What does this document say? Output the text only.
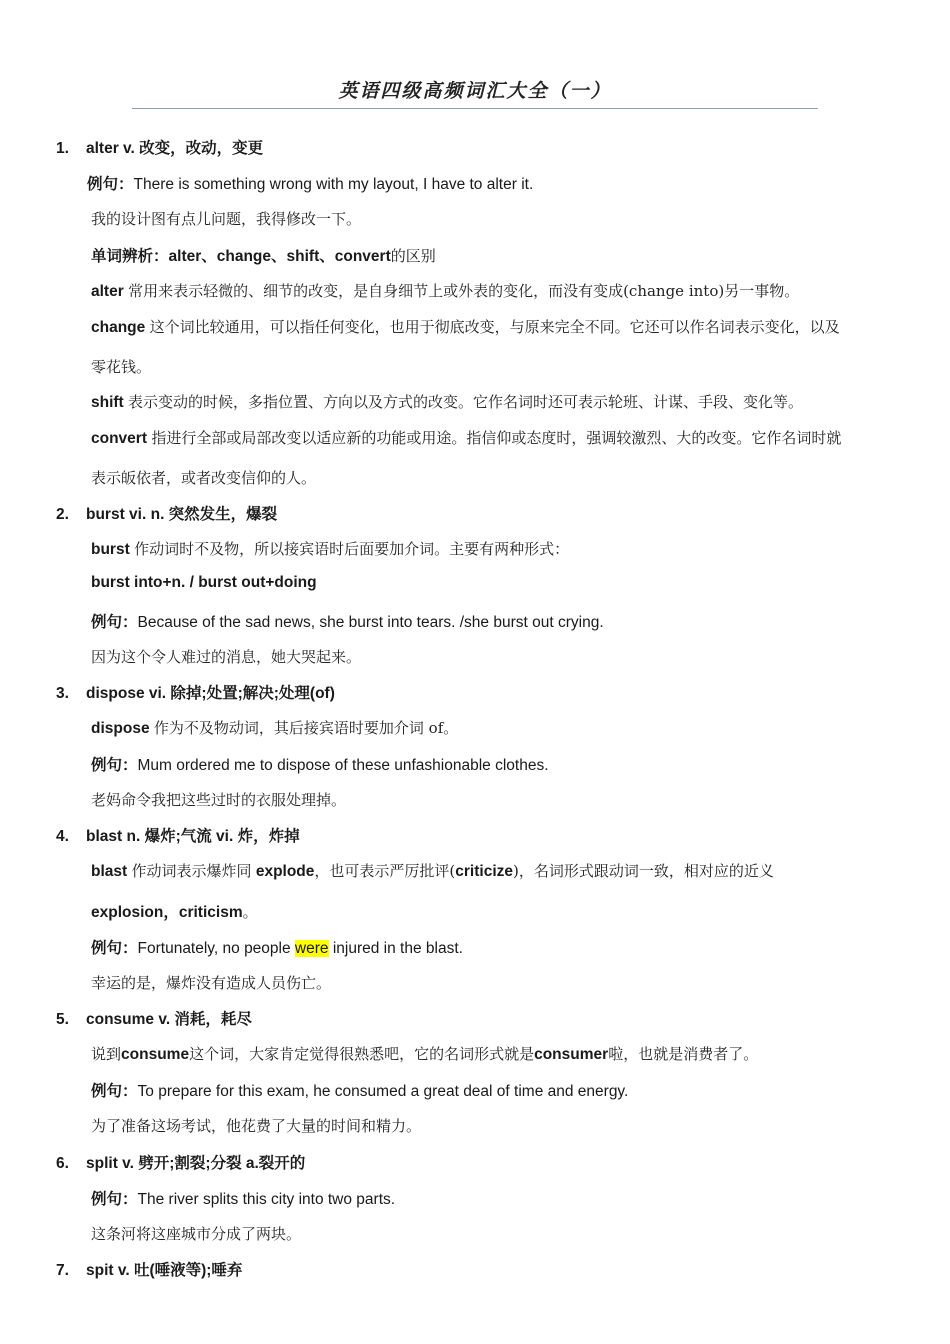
英语四级高频词汇大全（一）
1. alter v. 改变，改动，变更
例句：There is something wrong with my layout, I have to alter it.
我的设计图有点儿问题，我得修改一下。
单词辨析：alter、change、shift、convert的区别
alter 常用来表示轻微的、细节的改变，是自身细节上或外表的变化，而没有变成(change into)另一事物。
change 这个词比较通用，可以指任何变化，也用于彻底改变，与原来完全不同。它还可以作名词表示变化，以及
零花钱。
shift 表示变动的时候，多指位置、方向以及方式的改变。它作名词时还可表示轮班、计谋、手段、变化等。
convert 指进行全部或局部改变以适应新的功能或用途。指信仰或态度时，强调较激烈、大的改变。它作名词时就
表示皈依者，或者改变信仰的人。
2. burst vi. n. 突然发生，爆裂
burst 作动词时不及物，所以接宾语时后面要加介词。主要有两种形式：
burst into+n. / burst out+doing
例句：Because of the sad news, she burst into tears. /she burst out crying.
因为这个令人难过的消息，她大哭起来。
3. dispose vi. 除掉;处置;解决;处理(of)
dispose 作为不及物动词，其后接宾语时要加介词 of。
例句：Mum ordered me to dispose of these unfashionable clothes.
老妈命令我把这些过时的衣服处理掉。
4. blast n. 爆炸;气流 vi. 炸，炸掉
blast 作动词表示爆炸同 explode，也可表示严厉批评(criticize)，名词形式跟动词一致，相对应的近义
explosion，criticism。
例句：Fortunately, no people were injured in the blast.
幸运的是，爆炸没有造成人员伤亡。
5. consume v. 消耗，耗尽
说到consume这个词，大家肯定觉得很熟悉吧，它的名词形式就是consumer啦，也就是消费者了。
例句：To prepare for this exam, he consumed a great deal of time and energy.
为了准备这场考试，他花费了大量的时间和精力。
6. split v. 劈开;割裂;分裂 a.裂开的
例句：The river splits this city into two parts.
这条河将这座城市分成了两块。
7. spit v. 吐(唾液等);唾弃
